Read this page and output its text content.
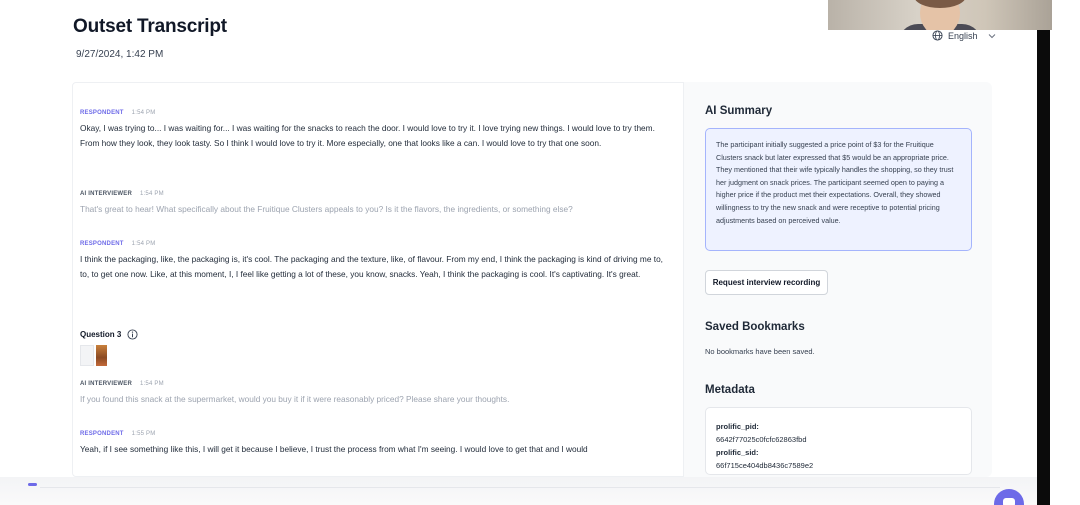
Outset Transcript
9/27/2024, 1:42 PM
English
RESPONDENT 1:54 PM
Okay, I was trying to... I was waiting for... I was waiting for the snacks to reach the door. I would love to try it. I love trying new things. I would love to try them. From how they look, they look tasty. So I think I would love to try it. More especially, one that looks like a can. I would love to try that one soon.
AI INTERVIEWER 1:54 PM
That's great to hear! What specifically about the Fruitique Clusters appeals to you? Is it the flavors, the ingredients, or something else?
RESPONDENT 1:54 PM
I think the packaging, like, the packaging is, it's cool. The packaging and the texture, like, of flavour. From my end, I think the packaging is kind of driving me to, to, to get one now. Like, at this moment, I, I feel like getting a lot of these, you know, snacks. Yeah, I think the packaging is cool. It's captivating. It's great.
Question 3
AI INTERVIEWER 1:54 PM
If you found this snack at the supermarket, would you buy it if it were reasonably priced? Please share your thoughts.
RESPONDENT 1:55 PM
Yeah, if I see something like this, I will get it because I believe, I trust the process from what I'm seeing. I would love to get that and I would
AI Summary
The participant initially suggested a price point of $3 for the Fruitique Clusters snack but later expressed that $5 would be an appropriate price. They mentioned that their wife typically handles the shopping, so they trust her judgment on snack prices. The participant seemed open to paying a higher price if the product met their expectations. Overall, they showed willingness to try the new snack and were receptive to potential pricing adjustments based on perceived value.
Request interview recording
Saved Bookmarks
No bookmarks have been saved.
Metadata
prolific_pid:
6642f77025c0fcfc62863fbd
prolific_sid:
66f715ce404db8436c7589e2
